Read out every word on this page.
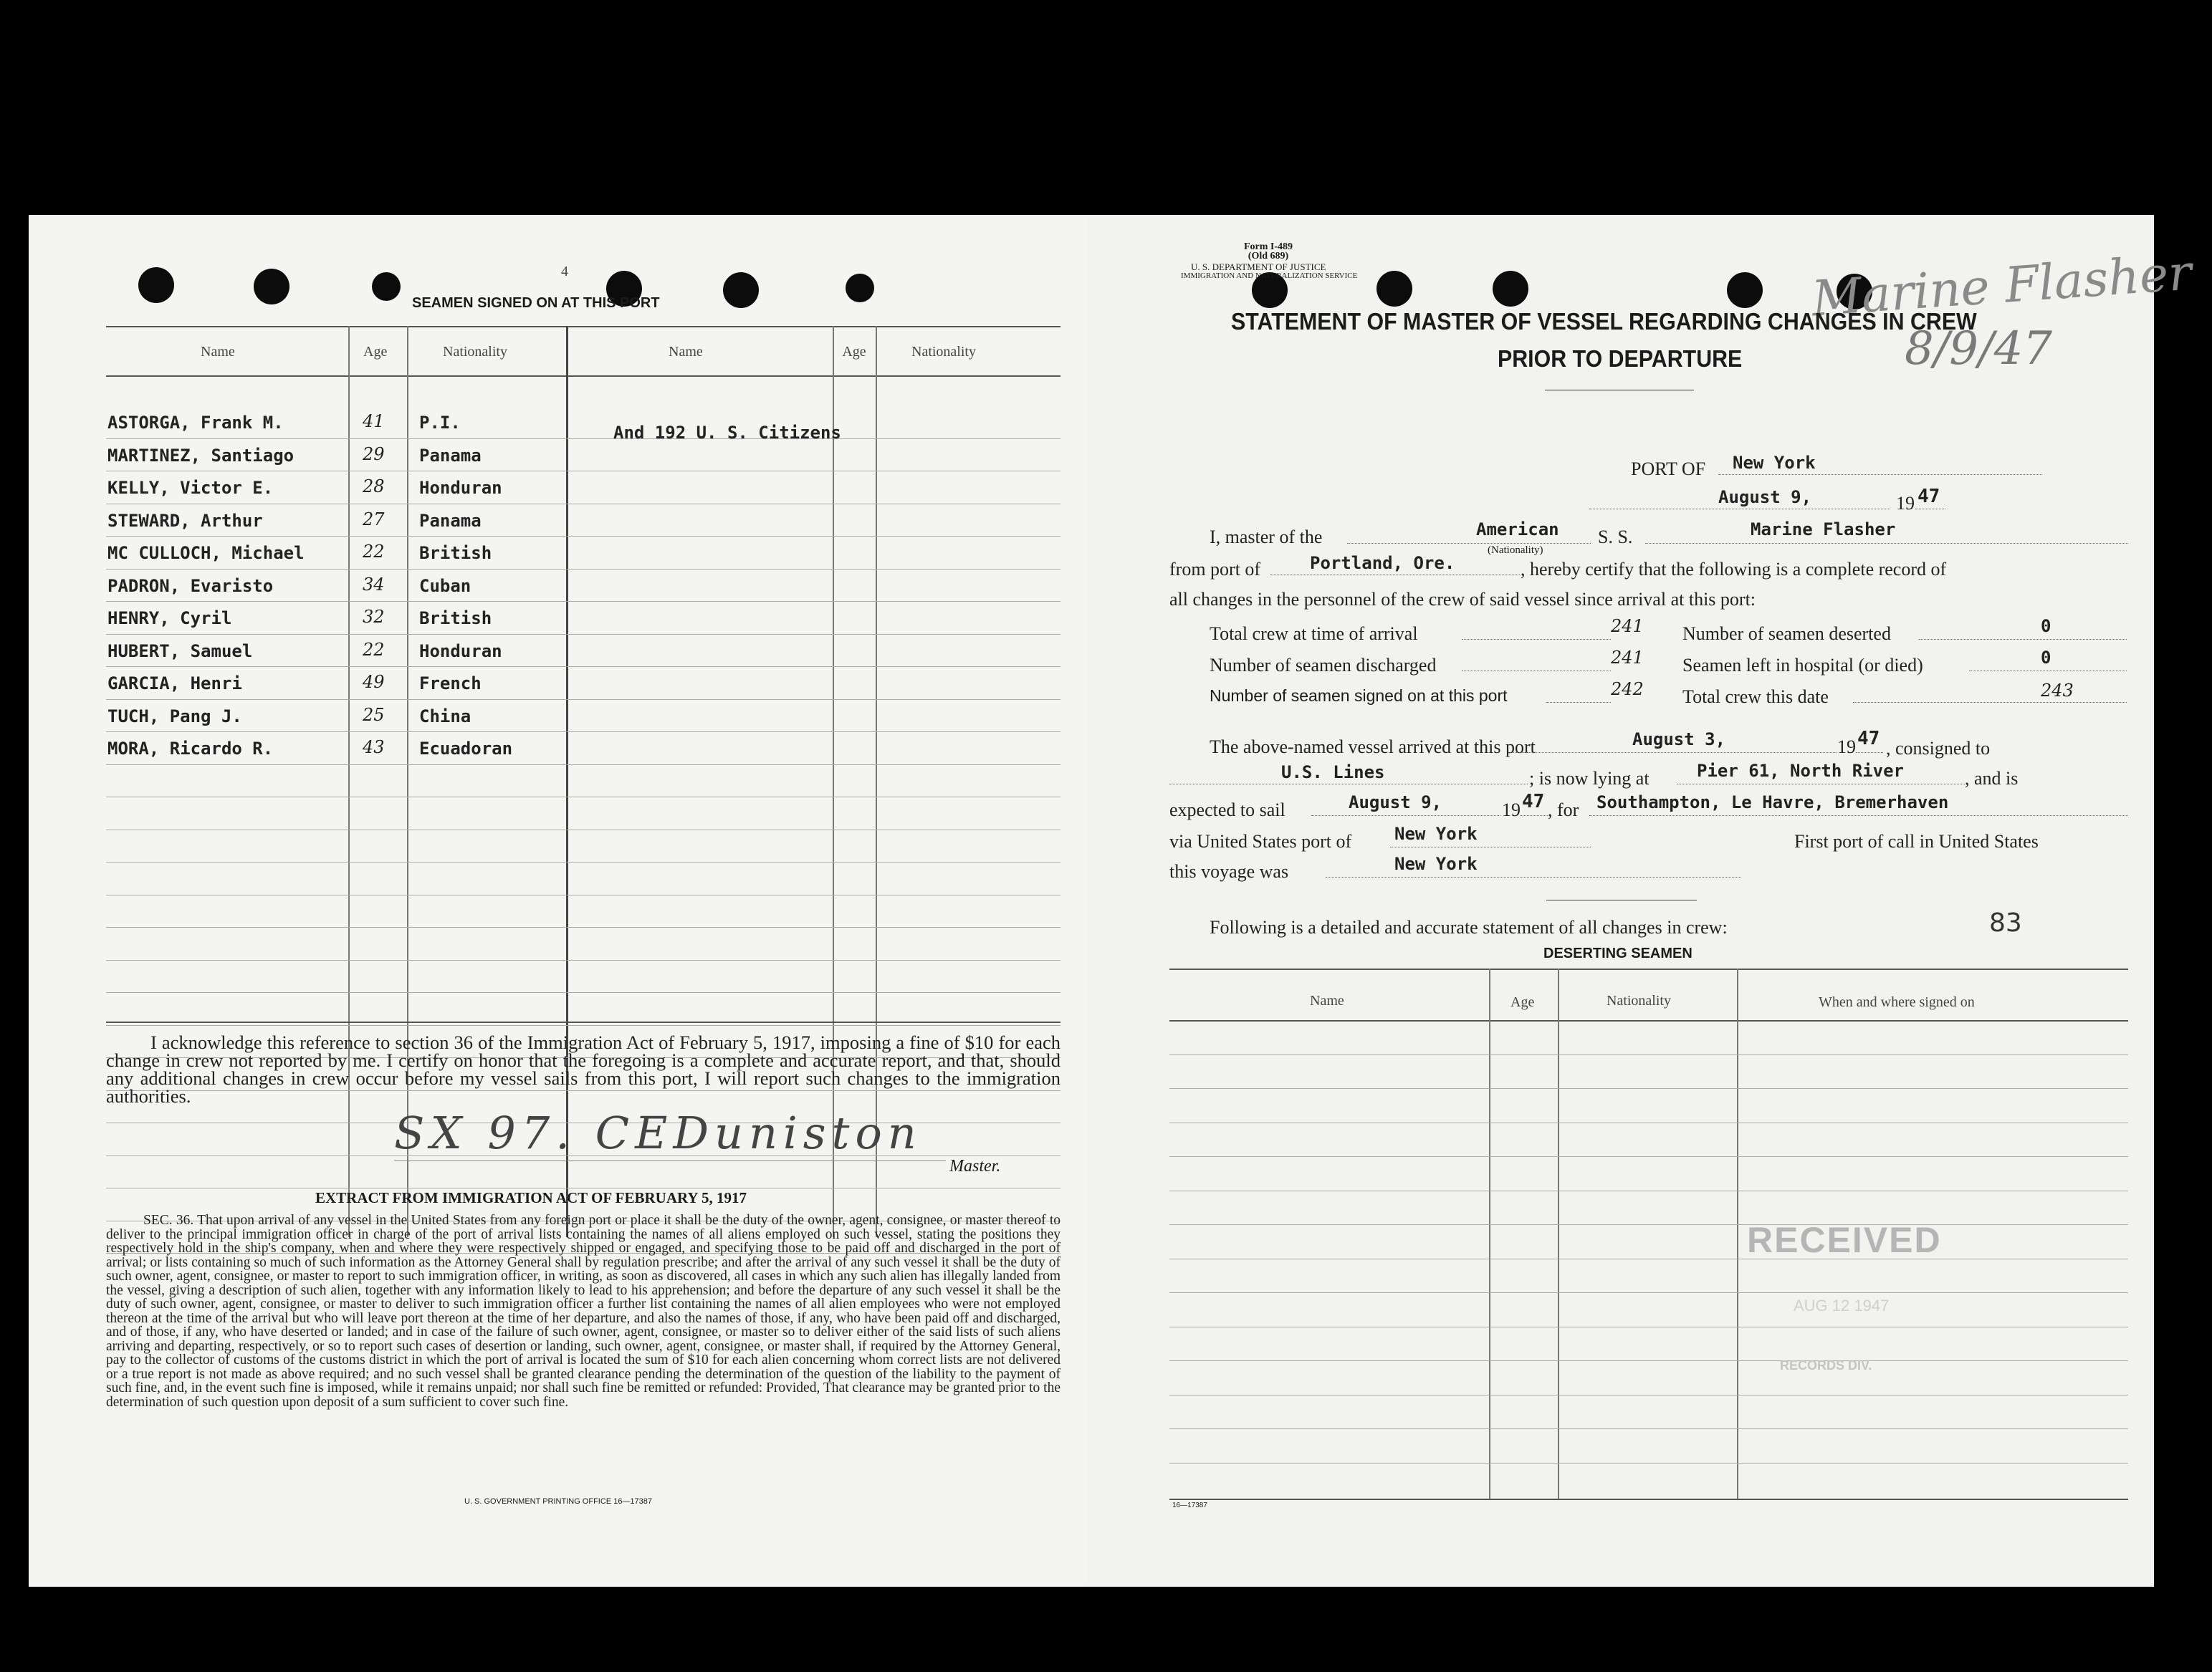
4
SEAMEN SIGNED ON AT THIS PORT
Name	Age	Nationality	Name	Age	Nationality
ASTORGA, Frank M.	41 P.I.
MARTINEZ, Santiago	29 Panama
KELLY, Victor E.	28 Honduran
STEWARD, Arthur	27 Panama
MC CULLOCH, Michael	22 British
PADRON, Evaristo	34 Cuban
HENRY, Cyril	32 British
HUBERT, Samuel	22 Honduran
GARCIA, Henri	49 French
TUCH, Pang J.	25 China
MORA, Ricardo R.	43 Ecuadoran
And 192 U. S. Citizens
I acknowledge this reference to section 36 of the Immigration Act of February 5, 1917, imposing a fine of $10 for each change in crew not reported by me. I certify on honor that the foregoing is a complete and accurate report, and that, should any additional changes in crew occur before my vessel sails from this port, I will report such changes to the immigration authorities.
SX 97. CEDuniston
Master.
EXTRACT FROM IMMIGRATION ACT OF FEBRUARY 5, 1917
SEC. 36. That upon arrival of any vessel in the United States from any foreign port or place it shall be the duty of the owner, agent, consignee, or master thereof to deliver to the principal immigration officer in charge of the port of arrival lists containing the names of all aliens employed on such vessel, stating the positions they respectively hold in the ship's company, when and where they were respectively shipped or engaged, and specifying those to be paid off and discharged in the port of arrival; or lists containing so much of such information as the Attorney General shall by regulation prescribe; and after the arrival of any such vessel it shall be the duty of such owner, agent, consignee, or master to report to such immigration officer, in writing, as soon as discovered, all cases in which any such alien has illegally landed from the vessel, giving a description of such alien, together with any information likely to lead to his apprehension; and before the departure of any such vessel it shall be the duty of such owner, agent, consignee, or master to deliver to such immigration officer a further list containing the names of all alien employees who were not employed thereon at the time of the arrival but who will leave port thereon at the time of her departure, and also the names of those, if any, who have been paid off and discharged, and of those, if any, who have deserted or landed; and in case of the failure of such owner, agent, consignee, or master so to deliver either of the said lists of such aliens arriving and departing, respectively, or so to report such cases of desertion or landing, such owner, agent, consignee, or master shall, if required by the Attorney General, pay to the collector of customs of the customs district in which the port of arrival is located the sum of $10 for each alien concerning whom correct lists are not delivered or a true report is not made as above required; and no such vessel shall be granted clearance pending the determination of the question of the liability to the payment of such fine, and, in the event such fine is imposed, while it remains unpaid; nor shall such fine be remitted or refunded: Provided, That clearance may be granted prior to the determination of such question upon deposit of a sum sufficient to cover such fine.
U. S. GOVERNMENT PRINTING OFFICE 16—17387
Form I-489
(Old 689)
U. S. DEPARTMENT OF JUSTICE
IMMIGRATION AND NATURALIZATION SERVICE	Marine Flasher
8/9/47
STATEMENT OF MASTER OF VESSEL REGARDING CHANGES IN CREW
PRIOR TO DEPARTURE
PORT OF New York
August 9,	19 47
I, master of the	American
(Nationality)
S. S.	Marine Flasher
from port of	Portland, Ore.	, hereby certify that the following is a complete record of
all changes in the personnel of the crew of said vessel since arrival at this port:
Total crew at time of arrival	241
Number of seamen discharged	241
Number of seamen signed on at this port	242
Number of seamen deserted	0
Seamen left in hospital (or died)	0
Total crew this date	243
The above-named vessel arrived at this port	August 3,	19 47 , consigned to
U.S. Lines	; is now lying at	Pier 61, North River	, and is
expected to sail	August 9,	19 47 , for Southampton, Le Havre, Bremerhaven
via United States port of New York	First port of call in United States
this voyage was	New York
Following is a detailed and accurate statement of all changes in crew:	83
DESERTING SEAMEN
Name	Age	Nationality	When and where signed on
RECEIVED
AUG 12 1947
RECORDS DIV.
16—17387
